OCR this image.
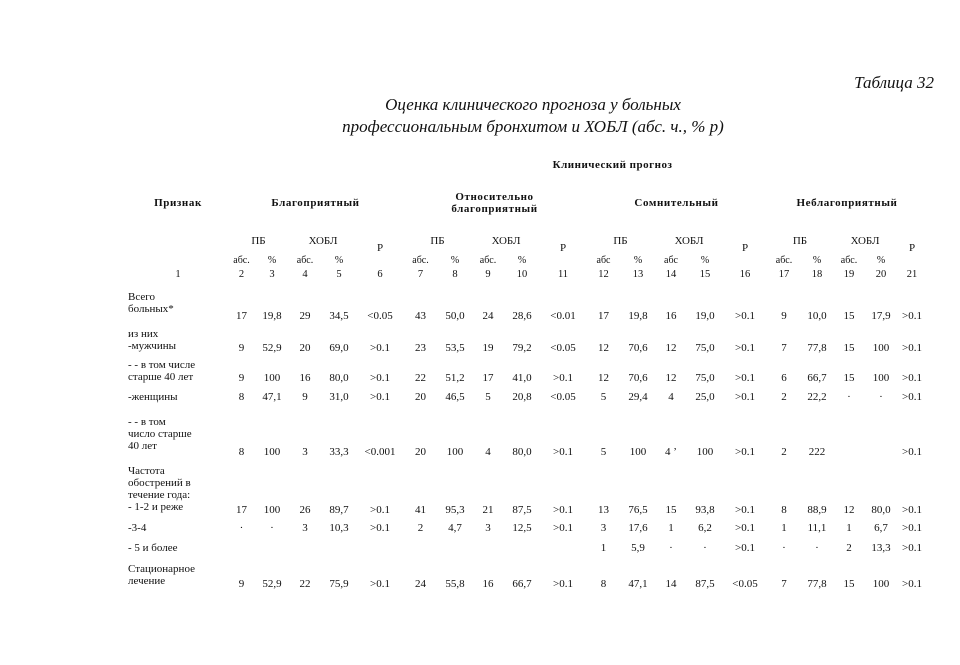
Таблица 32
Оценка клинического прогноза у больных
профессиональным бронхитом и ХОБЛ (абс. ч., % р)
	Клинический прогноз																			
Признак	Благоприятный					Относительно благоприятный					Сомнительный					Неблагоприятный				
	ПБ		ХОБЛ		Р	ПБ		ХОБЛ		Р	ПБ		ХОБЛ		Р	ПБ		ХОБЛ		Р
	абс.	%	абс.	%		абс.	%	абс.	%		абс	%	абс	%		абс.	%	абс.	%	
1	2	3	4	5	6	7	8	9	10	11	12	13	14	15	16	17	18	19	20	21

Всего
больных*	17	19,8	29	34,5	<0.05	43	50,0	24	28,6	<0.01	17	19,8	16	19,0	>0.1	9	10,0	15	17,9	>0.1

из них
-мужчины	9	52,9	20	69,0	>0.1	23	53,5	19	79,2	<0.05	12	70,6	12	75,0	>0.1	7	77,8	15	100	>0.1

- - в том числе
старше 40 лет	9	100	16	80,0	>0.1	22	51,2	17	41,0	>0.1	12	70,6	12	75,0	>0.1	6	66,7	15	100	>0.1

-женщины	8	47,1	9	31,0	>0.1	20	46,5	5	20,8	<0.05	5	29,4	4	25,0	>0.1	2	22,2	·	·	>0.1

- - в том
число старше
40 лет	8	100	3	33,3	<0.001	20	100	4	80,0	>0.1	5	100	4 ’	100	>0.1	2	222			>0.1

Частота
обострений в
течение года:
- 1-2 и реже	17	100	26	89,7	>0.1	41	95,3	21	87,5	>0.1	13	76,5	15	93,8	>0.1	8	88,9	12	80,0	>0.1

-3-4	·	·	3	10,3	>0.1	2	4,7	3	12,5	>0.1	3	17,6	1	6,2	>0.1	1	11,1	1	6,7	>0.1

- 5 и более											1	5,9	·	·	>0.1	·	·	2	13,3	>0.1

Стационарное
лечение	9	52,9	22	75,9	>0.1	24	55,8	16	66,7	>0.1	8	47,1	14	87,5	<0.05	7	77,8	15	100	>0.1
